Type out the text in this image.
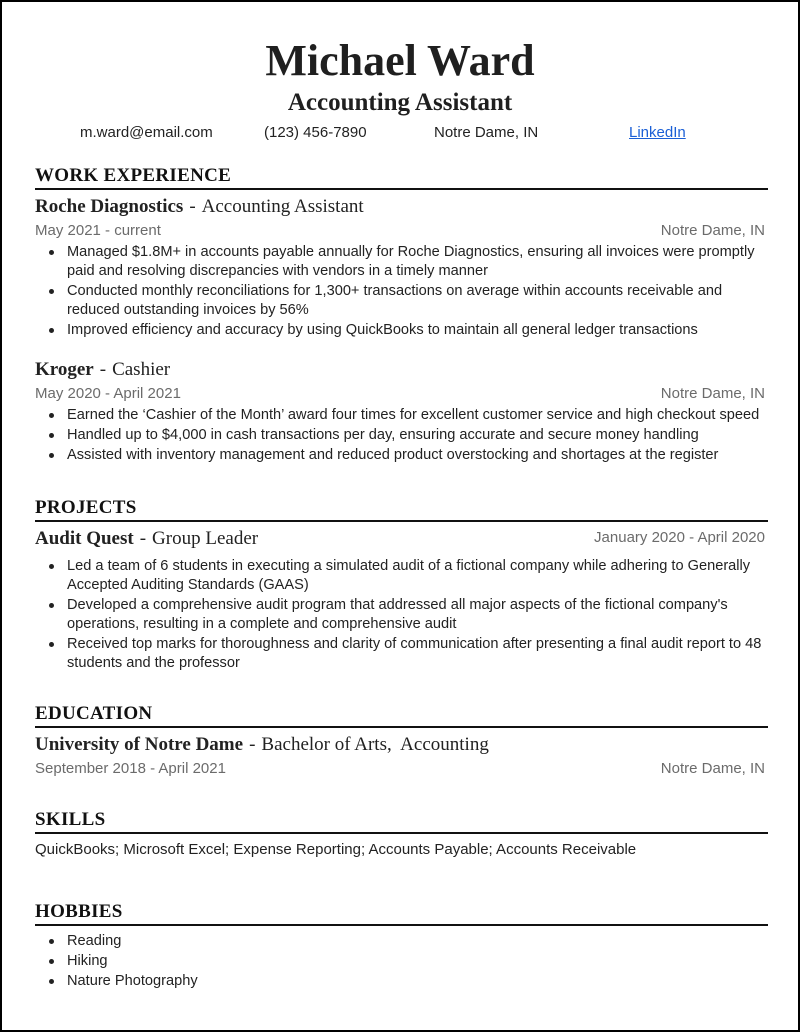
Michael Ward
Accounting Assistant
m.ward@email.com	(123) 456-7890	Notre Dame, IN	LinkedIn
WORK EXPERIENCE
Roche Diagnostics - Accounting Assistant
May 2021 - current	Notre Dame, IN
Managed $1.8M+ in accounts payable annually for Roche Diagnostics, ensuring all invoices were promptly paid and resolving discrepancies with vendors in a timely manner
Conducted monthly reconciliations for 1,300+ transactions on average within accounts receivable and reduced outstanding invoices by 56%
Improved efficiency and accuracy by using QuickBooks to maintain all general ledger transactions
Kroger - Cashier
May 2020 - April 2021	Notre Dame, IN
Earned the ‘Cashier of the Month’ award four times for excellent customer service and high checkout speed
Handled up to $4,000 in cash transactions per day, ensuring accurate and secure money handling
Assisted with inventory management and reduced product overstocking and shortages at the register
PROJECTS
Audit Quest - Group Leader	January 2020 - April 2020
Led a team of 6 students in executing a simulated audit of a fictional company while adhering to Generally Accepted Auditing Standards (GAAS)
Developed a comprehensive audit program that addressed all major aspects of the fictional company's operations, resulting in a complete and comprehensive audit
Received top marks for thoroughness and clarity of communication after presenting a final audit report to 48 students and the professor
EDUCATION
University of Notre Dame - Bachelor of Arts,  Accounting
September 2018 - April 2021	Notre Dame, IN
SKILLS
QuickBooks; Microsoft Excel; Expense Reporting; Accounts Payable; Accounts Receivable
HOBBIES
Reading
Hiking
Nature Photography
